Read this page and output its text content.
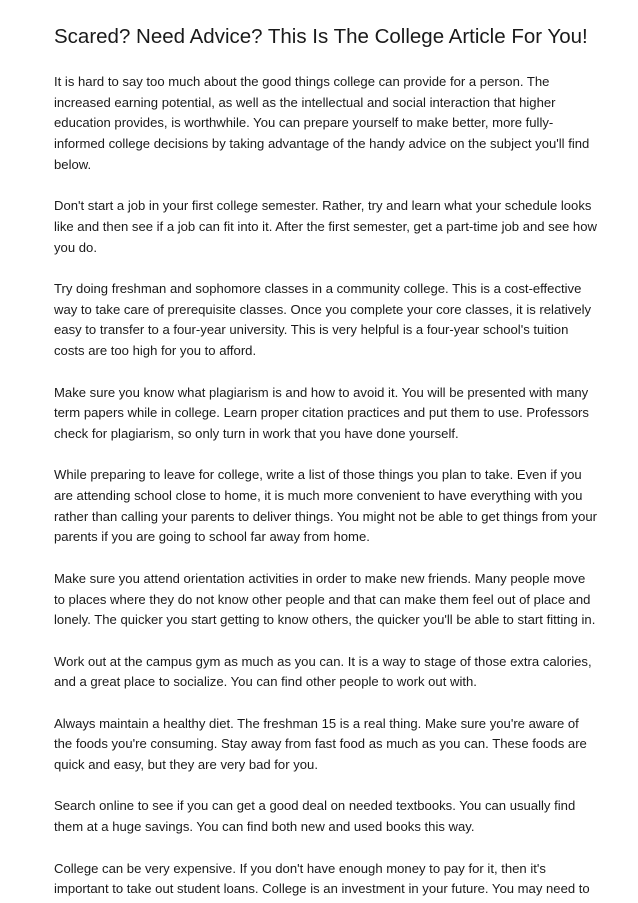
Scared? Need Advice? This Is The College Article For You!

It is hard to say too much about the good things college can provide for a person. The increased earning potential, as well as the intellectual and social interaction that higher education provides, is worthwhile. You can prepare yourself to make better, more fully-informed college decisions by taking advantage of the handy advice on the subject you'll find below.

Don't start a job in your first college semester. Rather, try and learn what your schedule looks like and then see if a job can fit into it. After the first semester, get a part-time job and see how you do.

Try doing freshman and sophomore classes in a community college. This is a cost-effective way to take care of prerequisite classes. Once you complete your core classes, it is relatively easy to transfer to a four-year university. This is very helpful is a four-year school's tuition costs are too high for you to afford.

Make sure you know what plagiarism is and how to avoid it. You will be presented with many term papers while in college. Learn proper citation practices and put them to use. Professors check for plagiarism, so only turn in work that you have done yourself.

While preparing to leave for college, write a list of those things you plan to take. Even if you are attending school close to home, it is much more convenient to have everything with you rather than calling your parents to deliver things. You might not be able to get things from your parents if you are going to school far away from home.

Make sure you attend orientation activities in order to make new friends. Many people move to places where they do not know other people and that can make them feel out of place and lonely. The quicker you start getting to know others, the quicker you'll be able to start fitting in.

Work out at the campus gym as much as you can. It is a way to stage of those extra calories, and a great place to socialize. You can find other people to work out with.

Always maintain a healthy diet. The freshman 15 is a real thing. Make sure you're aware of the foods you're consuming. Stay away from fast food as much as you can. These foods are quick and easy, but they are very bad for you.

Search online to see if you can get a good deal on needed textbooks. You can usually find them at a huge savings. You can find both new and used books this way.

College can be very expensive. If you don't have enough money to pay for it, then it's important to take out student loans. College is an investment in your future. You may need to
